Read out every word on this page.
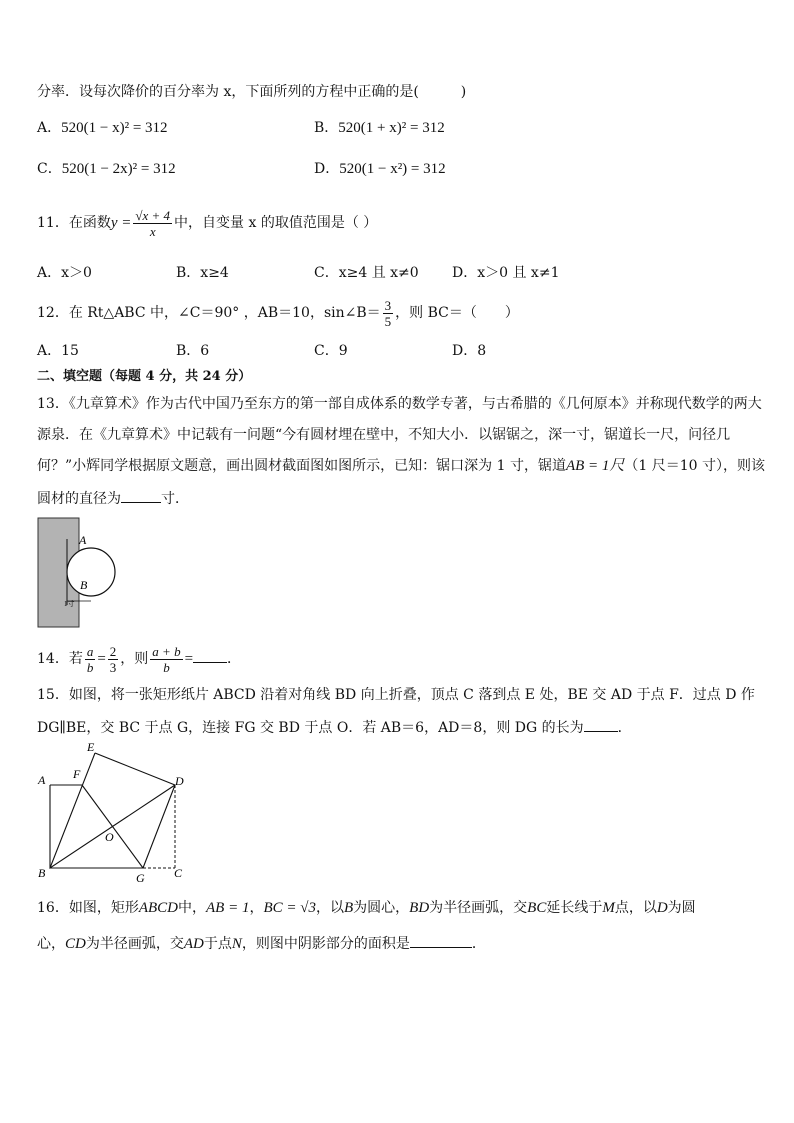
分率．设每次降价的百分率为 x，下面所列的方程中正确的是(　　　)
A．520(1 − x)² = 312	B．520(1 + x)² = 312
C．520(1 − 2x)² = 312	D．520(1 − x²) = 312
11．在函数$y = \frac{√x + 4}{x}$ 中，自变量 x 的取值范围是（ ）
A．x＞0	B．x≥4	C．x≥4 且 x≠0 D．x＞0 且 x≠1
12．在 Rt△ABC 中，∠C＝90° ，AB＝10，sin∠B＝ $\frac{3}{5}$ ，则 BC＝（　　）
A．15	B．6	C．9	D．8
二、填空题（每题 4 分，共 24 分）
13．《九章算术》作为古代中国乃至东方的第一部自成体系的数学专著，与古希腊的《几何原本》并称现代数学的两大
源泉．在《九章算术》中记载有一问题“今有圆材埋在壁中，不知大小．以锯锯之，深一寸，锯道长一尺，问径几
何？”小辉同学根据原文题意，画出圆材截面图如图所示，已知：锯口深为 1 寸，锯道AB = 1尺（1 尺＝10 寸），则该
圆材的直径为	寸．
A
B
1寸
14．若 $\frac{a}{b} = \frac{2}{3}$ ，则 $\frac{a + b}{b}$ = ．
15．如图，将一张矩形纸片 ABCD 沿着对角线 BD 向上折叠，顶点 C 落到点 E 处，BE 交 AD 于点 F．过点 D 作
DG∥BE，交 BC 于点 G，连接 FG 交 BD 于点 O．若 AB＝6，AD＝8，则 DG 的长为 ．
E
A F	D
O
B	G C
16．如图，矩形ABCD中，AB = 1，BC = √3，以B为圆心，BD为半径画弧，交BC延长线于M点，以D为圆
心，CD为半径画弧，交AD于点N，则图中阴影部分的面积是	．
